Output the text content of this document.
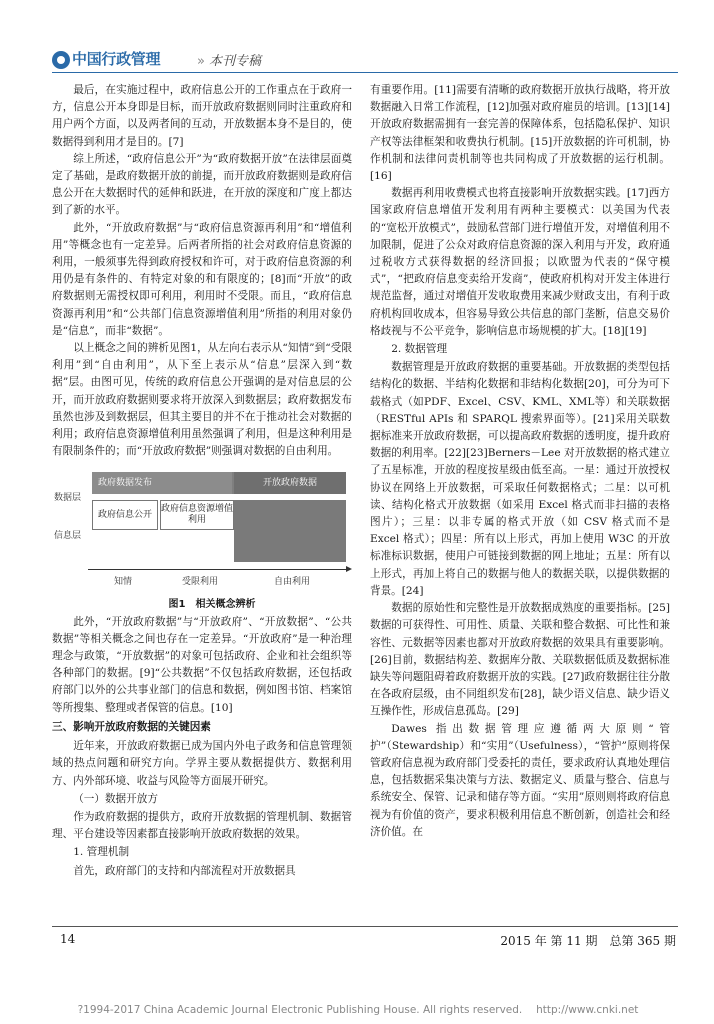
中国行政管理	» 本刊专稿

最后，在实施过程中，政府信息公开的工作重点在于政府一方，信息公开本身即是目标，而开放政府数据则同时注重政府和用户两个方面，以及两者间的互动，开放数据本身不是目的，使数据得到利用才是目的。[7]

综上所述，“政府信息公开”为“政府数据开放”在法律层面奠定了基础，是政府数据开放的前提，而开放政府数据则是政府信息公开在大数据时代的延伸和跃进，在开放的深度和广度上都达到了新的水平。

此外，“开放政府数据”与“政府信息资源再利用”和“增值利用”等概念也有一定差异。后两者所指的社会对政府信息资源的利用，一般须事先得到政府授权和许可，对于政府信息资源的利用仍是有条件的、有特定对象的和有限度的；[8]而“开放”的政府数据则无需授权即可利用，利用时不受限。而且，“政府信息资源再利用”和“公共部门信息资源增值利用”所指的利用对象仍是“信息”，而非“数据”。

以上概念之间的辨析见图1，从左向右表示从“知情”到“受限利用”到“自由利用”，从下至上表示从“信息”层深入到“数据”层。由图可见，传统的政府信息公开强调的是对信息层的公开，而开放政府数据则要求将开放深入到数据层；政府数据发布虽然也涉及到数据层，但其主要目的并不在于推动社会对数据的利用；政府信息资源增值利用虽然强调了利用，但是这种利用是有限制条件的；而“开放政府数据”则强调对数据的自由利用。

数据层
信息层
政府数据发布	开放政府数据
政府信息公开
政府信息资源增值利用
知情	受限利用	自由利用

图1　相关概念辨析

此外，“开放政府数据”与“开放政府”、“开放数据”、“公共数据”等相关概念之间也存在一定差异。“开放政府”是一种治理理念与政策，“开放数据”的对象可包括政府、企业和社会组织等各种部门的数据。[9]“公共数据”不仅包括政府数据，还包括政府部门以外的公共事业部门的信息和数据，例如图书馆、档案馆等所搜集、整理或者保管的信息。[10]

三、影响开放政府数据的关键因素

近年来，开放政府数据已成为国内外电子政务和信息管理领域的热点问题和研究方向。学界主要从数据提供方、数据利用方、内外部环境、收益与风险等方面展开研究。

（一）数据开放方

作为政府数据的提供方，政府开放数据的管理机制、数据管理、平台建设等因素都直接影响开放政府数据的效果。

1. 管理机制

首先，政府部门的支持和内部流程对开放数据具

有重要作用。[11]需要有清晰的政府数据开放执行战略，将开放数据融入日常工作流程，[12]加强对政府雇员的培训。[13][14]开放政府数据需拥有一套完善的保障体系，包括隐私保护、知识产权等法律框架和收费执行机制。[15]开放数据的许可机制，协作机制和法律问责机制等也共同构成了开放数据的运行机制。[16]

数据再利用收费模式也将直接影响开放数据实践。[17]西方国家政府信息增值开发利用有两种主要模式：以美国为代表的“宽松开放模式”，鼓励私营部门进行增值开发，对增值利用不加限制，促进了公众对政府信息资源的深入利用与开发，政府通过税收方式获得数据的经济回报；以欧盟为代表的“保守模式”，“把政府信息变卖给开发商”，使政府机构对开发主体进行规范监督，通过对增值开发收取费用来减少财政支出，有利于政府机构回收成本，但容易导致公共信息的部门垄断，信息交易价格歧视与不公平竞争，影响信息市场规模的扩大。[18][19]

2. 数据管理

数据管理是开放政府数据的重要基础。开放数据的类型包括结构化的数据、半结构化数据和非结构化数据[20]，可分为可下载格式（如PDF、Excel、CSV、KML、XML等）和关联数据（RESTful APIs 和 SPARQL 搜索界面等）。[21]采用关联数据标准来开放政府数据，可以提高政府数据的透明度，提升政府数据的利用率。[22][23]Berners－Lee 对开放数据的格式建立了五星标准，开放的程度按星级由低至高。一星：通过开放授权协议在网络上开放数据，可采取任何数据格式；二星：以可机读、结构化格式开放数据（如采用 Excel 格式而非扫描的表格图片）；三星：以非专属的格式开放（如 CSV 格式而不是 Excel 格式）；四星：所有以上形式，再加上使用 W3C 的开放标准标识数据，使用户可链接到数据的网上地址；五星：所有以上形式，再加上将自己的数据与他人的数据关联，以提供数据的背景。[24]

数据的原始性和完整性是开放数据成熟度的重要指标。[25]数据的可获得性、可用性、质量、关联和整合数据、可比性和兼容性、元数据等因素也都对开放政府数据的效果具有重要影响。[26]目前，数据结构差、数据库分散、关联数据低质及数据标准缺失等问题阻碍着政府数据开放的实践。[27]政府数据往往分散在各政府层级，由不同组织发布[28]，缺少语义信息、缺少语义互操作性，形成信息孤岛。[29]

Dawes 指出数据管理应遵循两大原则“管护”（Stewardship）和“实用”（Usefulness），“管护”原则将保管政府信息视为政府部门受委托的责任，要求政府认真地处理信息，包括数据采集决策与方法、数据定义、质量与整合、信息与系统安全、保管、记录和储存等方面。“实用”原则则将政府信息视为有价值的资产，要求积极利用信息不断创新，创造社会和经济价值。在

14	2015 年 第 11 期　总第 365 期
?1994-2017 China Academic Journal Electronic Publishing House. All rights reserved.　 http://www.cnki.net
